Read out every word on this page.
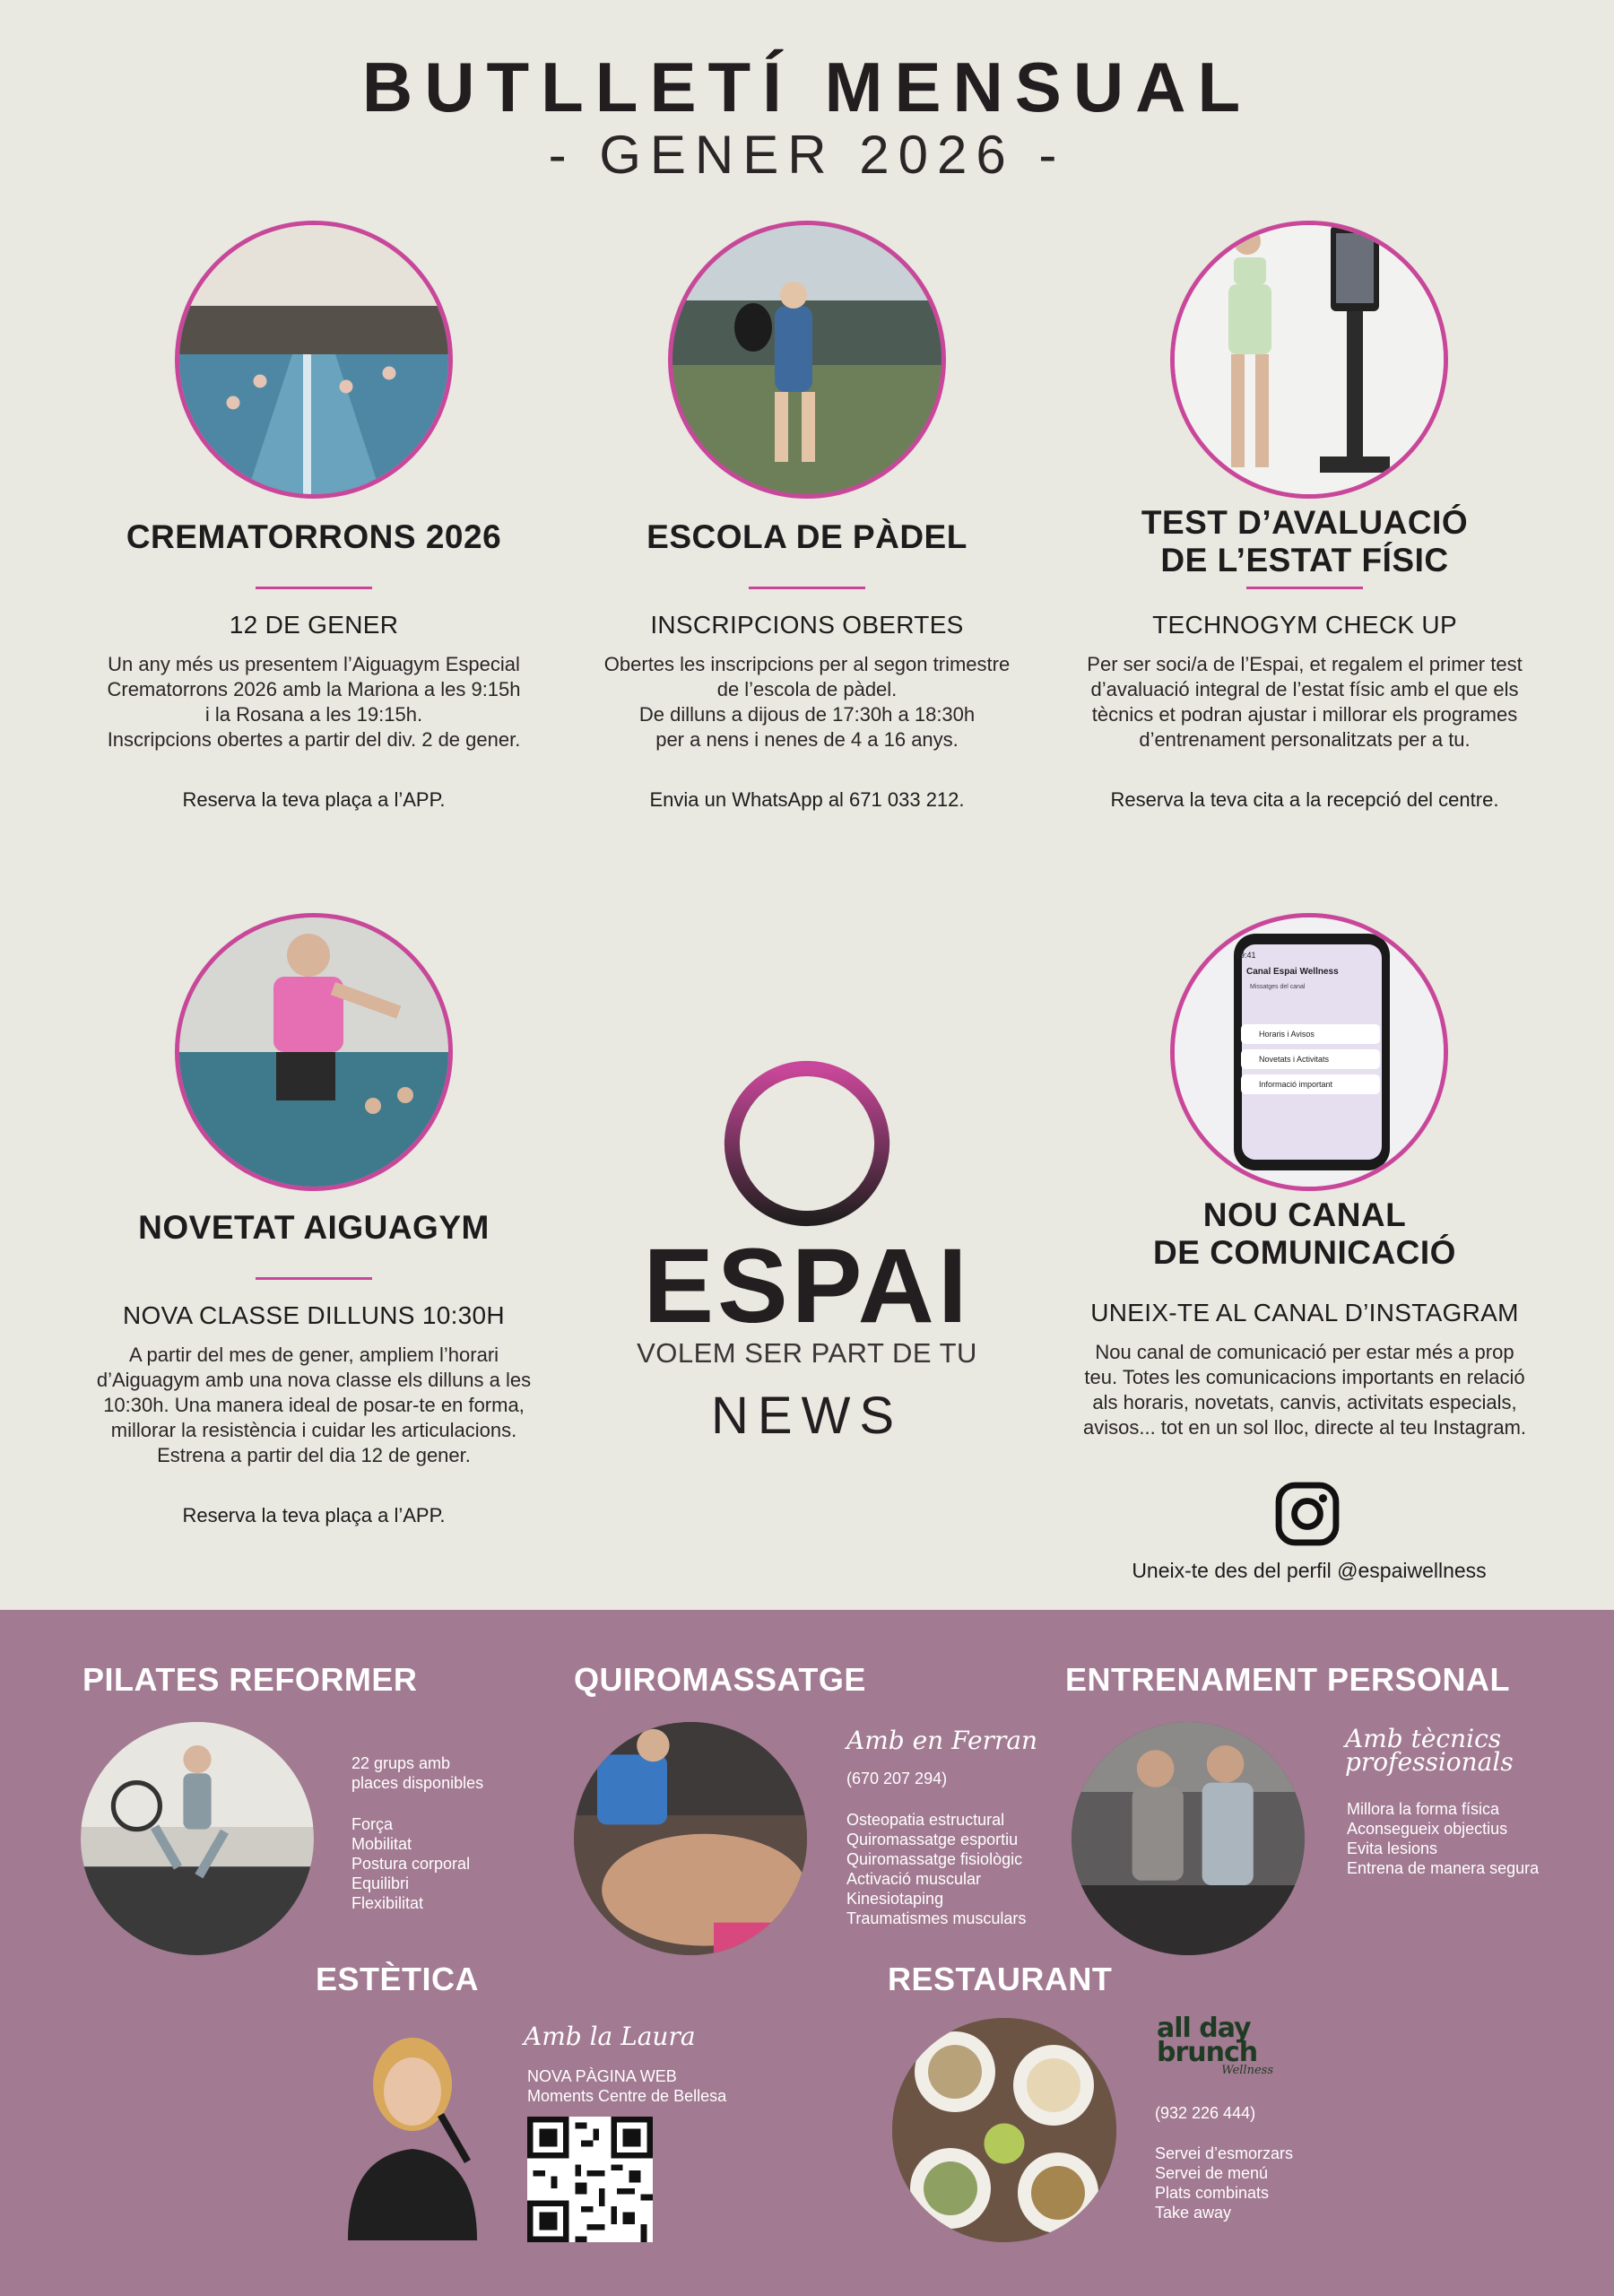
BUTLLETÍ MENSUAL
- GENER 2026 -
CREMATORRONS 2026
12 DE GENER
Un any més us presentem l’Aiguagym Especial
Crematorrons 2026 amb la Mariona a les 9:15h
i la Rosana a les 19:15h.
Inscripcions obertes a partir del div. 2 de gener.
Reserva la teva plaça a l’APP.
ESCOLA DE PÀDEL
INSCRIPCIONS OBERTES
Obertes les inscripcions per al segon trimestre
de l’escola de pàdel.
De dilluns a dijous de 17:30h a 18:30h
per a nens i nenes de 4 a 16 anys.
Envia un WhatsApp al 671 033 212.
TEST D’AVALUACIÓ
DE L’ESTAT FÍSIC
TECHNOGYM CHECK UP
Per ser soci/a de l’Espai, et regalem el primer test
d’avaluació integral de l’estat físic amb el que els
tècnics et podran ajustar i millorar els programes
d’entrenament personalitzats per a tu.
Reserva la teva cita a la recepció del centre.
19:41
Canal Espai Wellness
Missatges del canal
Horaris i Avisos
Novetats i Activitats
Informació important
NOVETAT AIGUAGYM
NOVA CLASSE DILLUNS 10:30H
A partir del mes de gener, ampliem l’horari
d’Aiguagym amb una nova classe els dilluns a les
10:30h. Una manera ideal de posar-te en forma,
millorar la resistència i cuidar les articulacions.
Estrena a partir del dia 12 de gener.
Reserva la teva plaça a l’APP.
ESPAI
VOLEM SER PART DE TU
NEWS
NOU CANAL
DE COMUNICACIÓ
UNEIX-TE AL CANAL D’INSTAGRAM
Nou canal de comunicació per estar més a prop
teu. Totes les comunicacions importants en relació
als horaris, novetats, canvis, activitats especials,
avisos... tot en un sol lloc, directe al teu Instagram.
Uneix-te des del perfil @espaiwellness
PILATES REFORMER	QUIROMASSATGE	ENTRENAMENT PERSONAL
22 grups amb
places disponibles
Força
Mobilitat
Postura corporal
Equilibri
Flexibilitat
Amb en Ferran
(670 207 294)
Osteopatia estructural
Quiromassatge esportiu
Quiromassatge fisiològic
Activació muscular
Kinesiotaping
Traumatismes musculars
Amb tècnics
professionals
Millora la forma física
Aconsegueix objectius
Evita lesions
Entrena de manera segura
ESTÈTICA	RESTAURANT
Amb la Laura
NOVA PÀGINA WEB
Moments Centre de Bellesa
all day
brunch
Wellness
(932 226 444)
Servei d’esmorzars
Servei de menú
Plats combinats
Take away
